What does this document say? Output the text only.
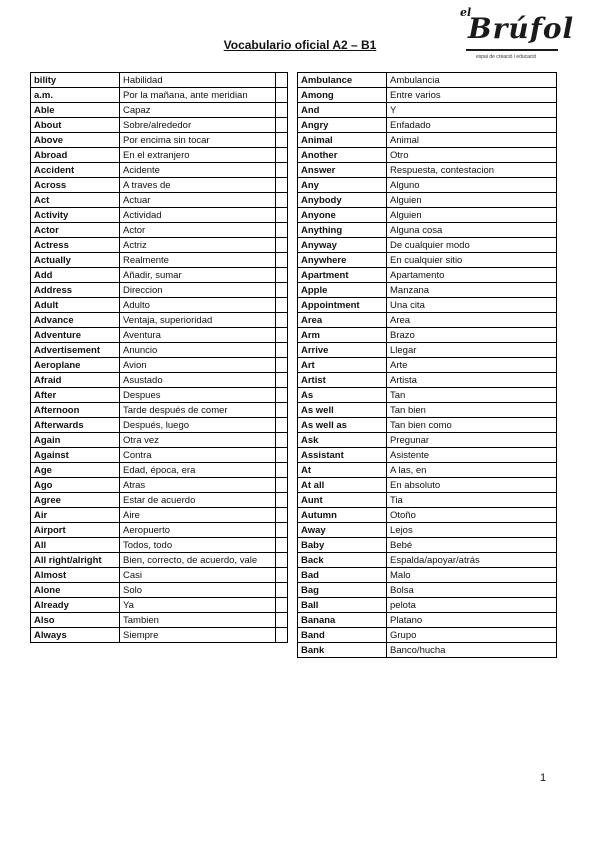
Vocabulario oficial A2 – B1	Brúfol
el
espai de creació i educació
bility	Habilidad	
a.m.	Por la mañana, ante meridian	
Able	Capaz	
About	Sobre/alrededor	
Above	Por encima sin tocar	
Abroad	En el extranjero	
Accident	Acidente	
Across	A traves de	
Act	Actuar	
Activity	Actividad	
Actor	Actor	
Actress	Actriz	
Actually	Realmente	
Add	Añadir, sumar	
Address	Direccion	
Adult	Adulto	
Advance	Ventaja, superioridad	
Adventure	Aventura	
Advertisement	Anuncio	
Aeroplane	Avion	
Afraid	Asustado	
After	Despues	
Afternoon	Tarde después de comer	
Afterwards	Después, luego	
Again	Otra vez	
Against	Contra	
Age	Edad, época, era	
Ago	Atras	
Agree	Estar de acuerdo	
Air	Aire	
Airport	Aeropuerto	
All	Todos, todo	
All right/alright	Bien, correcto, de acuerdo, vale	
Almost	Casi	
Alone	Solo	
Already	Ya	
Also	Tambien	
Always	Siempre	
Ambulance	Ambulancia
Among	Entre varios
And	Y
Angry	Enfadado
Animal	Animal
Another	Otro
Answer	Respuesta, contestacion
Any	Alguno
Anybody	Alguien
Anyone	Alguien
Anything	Alguna cosa
Anyway	De cualquier modo
Anywhere	En cualquier sitio
Apartment	Apartamento
Apple	Manzana
Appointment	Una cita
Area	Area
Arm	Brazo
Arrive	Llegar
Art	Arte
Artist	Artista
As	Tan
As well	Tan bien
As well as	Tan bien como
Ask	Pregunar
Assistant	Asistente
At	A las, en
At all	En absoluto
Aunt	Tia
Autumn	Otoño
Away	Lejos
Baby	Bebé
Back	Espalda/apoyar/atrás
Bad	Malo
Bag	Bolsa
Ball	pelota
Banana	Platano
Band	Grupo
Bank	Banco/hucha
1
